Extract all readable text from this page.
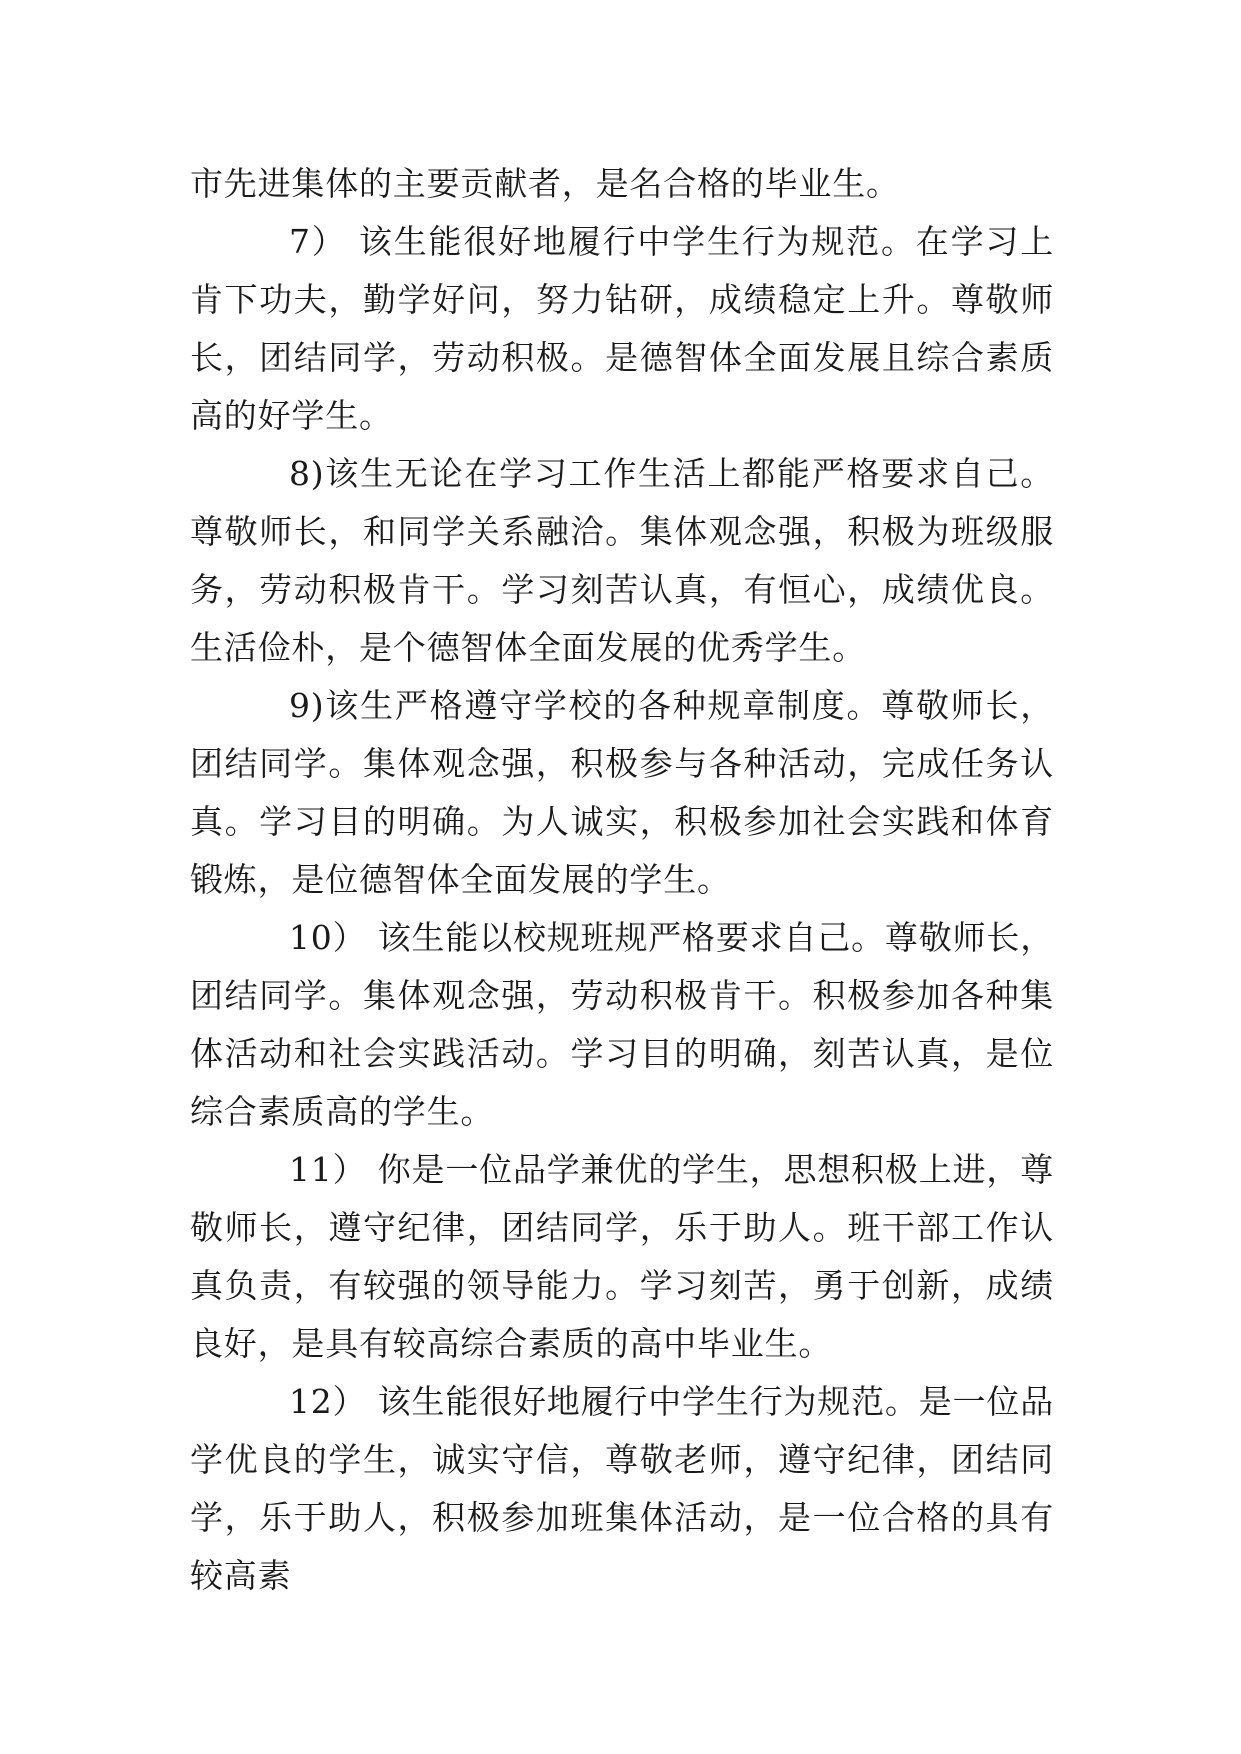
市先进集体的主要贡献者，是名合格的毕业生。

7） 该生能很好地履行中学生行为规范。在学习上肯下功夫，勤学好问，努力钻研，成绩稳定上升。尊敬师长，团结同学，劳动积极。是德智体全面发展且综合素质高的好学生。

8)该生无论在学习工作生活上都能严格要求自己。尊敬师长，和同学关系融洽。集体观念强，积极为班级服务，劳动积极肯干。学习刻苦认真，有恒心，成绩优良。生活俭朴，是个德智体全面发展的优秀学生。

9)该生严格遵守学校的各种规章制度。尊敬师长，团结同学。集体观念强，积极参与各种活动，完成任务认真。学习目的明确。为人诚实，积极参加社会实践和体育锻炼，是位德智体全面发展的学生。

10） 该生能以校规班规严格要求自己。尊敬师长，团结同学。集体观念强，劳动积极肯干。积极参加各种集体活动和社会实践活动。学习目的明确，刻苦认真，是位综合素质高的学生。

11） 你是一位品学兼优的学生，思想积极上进，尊敬师长，遵守纪律，团结同学，乐于助人。班干部工作认真负责，有较强的领导能力。学习刻苦，勇于创新，成绩良好，是具有较高综合素质的高中毕业生。

12） 该生能很好地履行中学生行为规范。是一位品学优良的学生，诚实守信，尊敬老师，遵守纪律，团结同学，乐于助人，积极参加班集体活动，是一位合格的具有较高素
